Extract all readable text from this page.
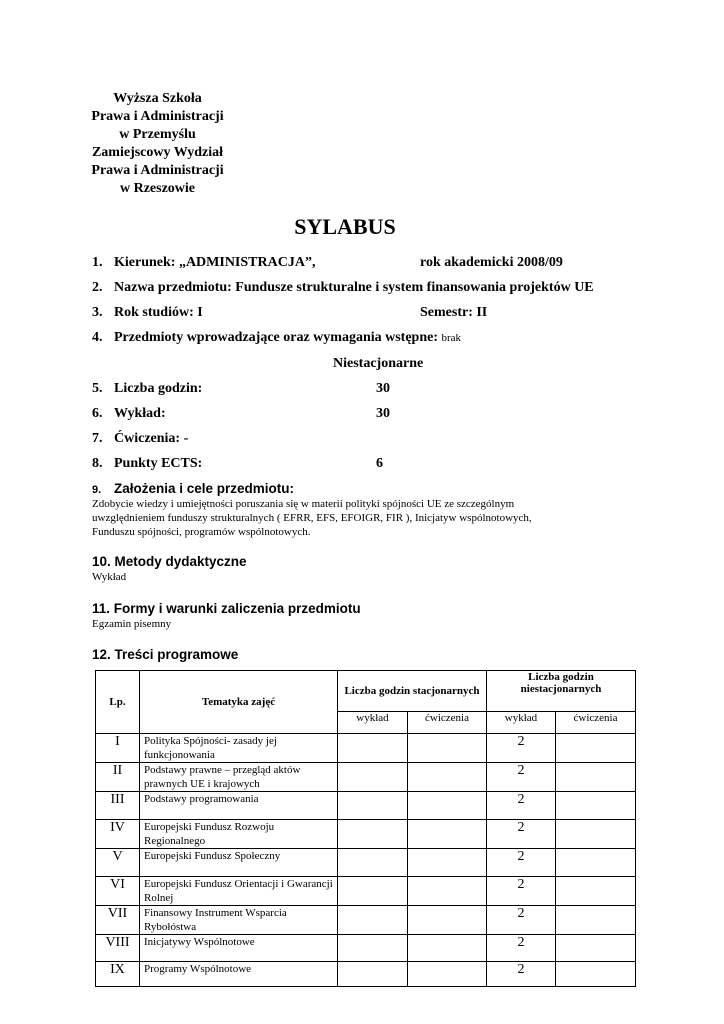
Wyższa Szkoła
Prawa i Administracji
w Przemyślu
Zamiejscowy Wydział
Prawa i Administracji
w Rzeszowie
SYLABUS
1. Kierunek: „ADMINISTRACJA”,	rok akademicki 2008/09
2. Nazwa przedmiotu: Fundusze strukturalne i system finansowania projektów UE
3. Rok studiów: I	Semestr: II
4. Przedmioty wprowadzające oraz wymagania wstępne: brak
Niestacjonarne
5. Liczba godzin:	30
6. Wykład:	30
7. Ćwiczenia: -
8. Punkty ECTS:	6
9. Założenia i cele przedmiotu:
Zdobycie wiedzy i umiejętności poruszania się w materii polityki spójności UE ze szczególnym
uwzględnieniem funduszy strukturalnych ( EFRR, EFS, EFOIGR, FIR ), Inicjatyw wspólnotowych,
Funduszu spójności, programów wspólnotowych.
10. Metody dydaktyczne
Wykład
11. Formy i warunki zaliczenia przedmiotu
Egzamin pisemny
12. Treści programowe
Lp.	Tematyka zajęć	Liczba godzin stacjonarnych		Liczba godzin niestacjonarnych	
		wykład	ćwiczenia	wykład	ćwiczenia
I	Polityka Spójności- zasady jej funkcjonowania			2	
II	Podstawy prawne – przegląd aktów prawnych UE i krajowych			2	
III	Podstawy programowania			2	
IV	Europejski Fundusz Rozwoju Regionalnego			2	
V	Europejski Fundusz Społeczny			2	
VI	Europejski Fundusz Orientacji i Gwarancji Rolnej			2	
VII	Finansowy Instrument Wsparcia Rybołóstwa			2	
VIII	Inicjatywy Wspólnotowe			2	
IX	Programy Wspólnotowe			2	
